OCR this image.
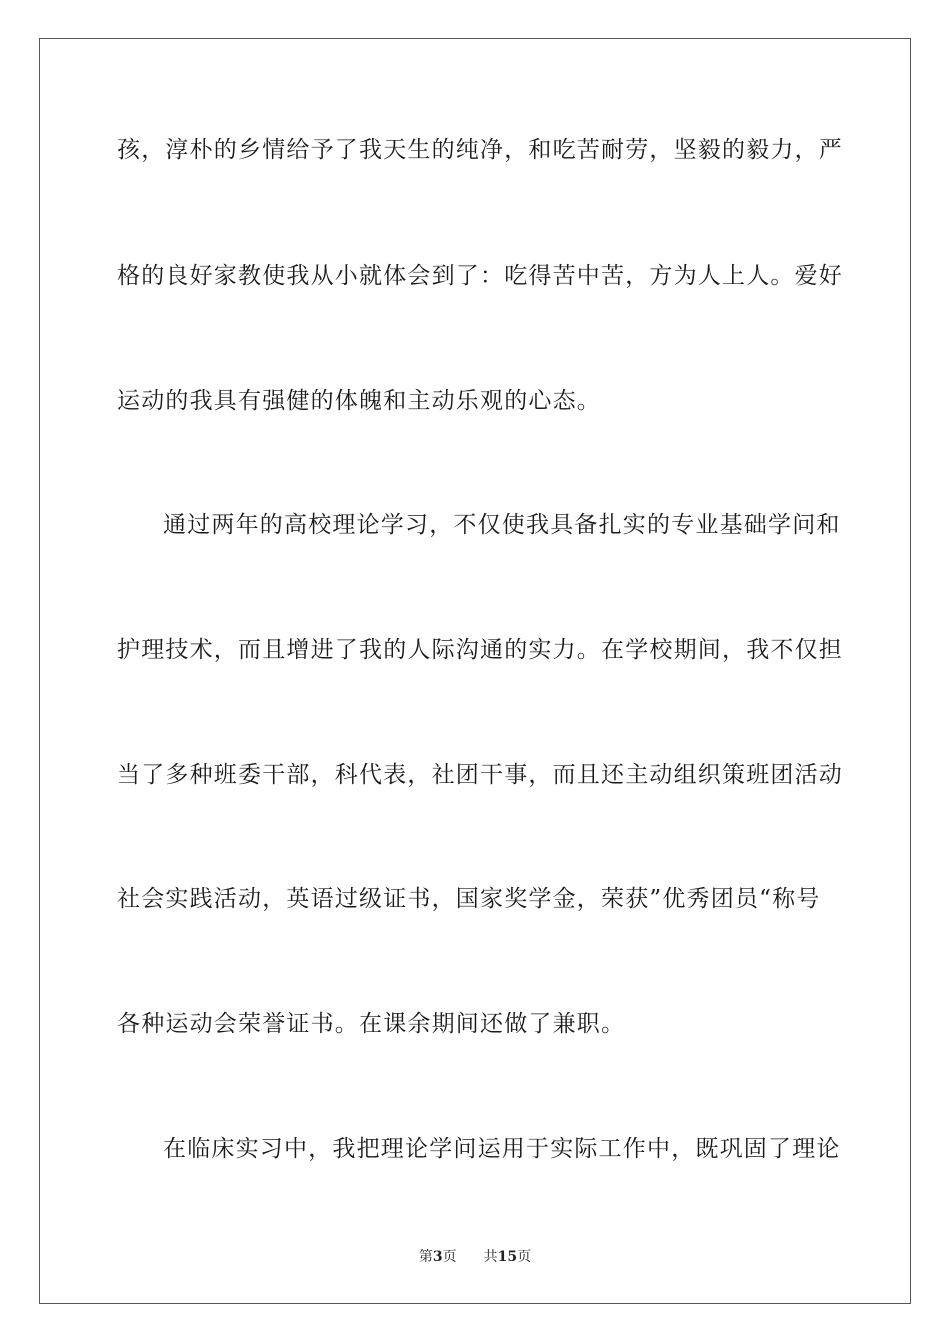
孩，淳朴的乡情给予了我天生的纯净，和吃苦耐劳，坚毅的毅力，严
格的良好家教使我从小就体会到了：吃得苦中苦，方为人上人。爱好
运动的我具有强健的体魄和主动乐观的心态。
通过两年的高校理论学习，不仅使我具备扎实的专业基础学问和
护理技术，而且增进了我的人际沟通的实力。在学校期间，我不仅担
当了多种班委干部，科代表，社团干事，而且还主动组织策班团活动
社会实践活动，英语过级证书，国家奖学金，荣获”优秀团员“称号
各种运动会荣誉证书。在课余期间还做了兼职。
在临床实习中，我把理论学问运用于实际工作中，既巩固了理论
第3页 共15页
